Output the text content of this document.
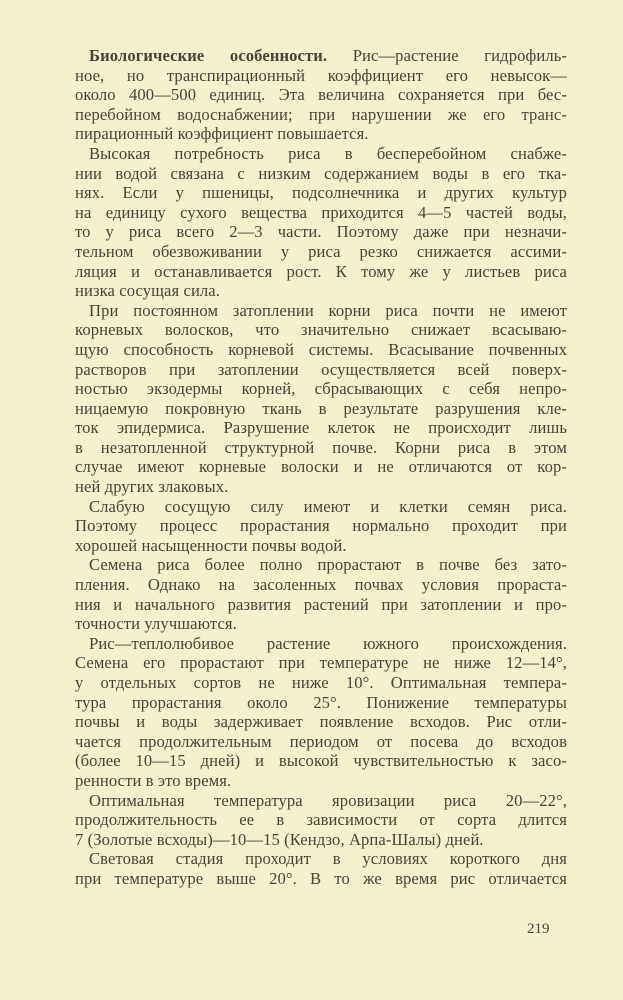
Биологические особенности. Рис—растение гидрофиль-
ное, но транспирационный коэффициент его невысок—
около 400—500 единиц. Эта величина сохраняется при бес-
перебойном водоснабжении; при нарушении же его транс-
пирационный коэффициент повышается.
Высокая потребность риса в бесперебойном снабже-
нии водой связана с низким содержанием воды в его тка-
нях. Если у пшеницы, подсолнечника и других культур
на единицу сухого вещества приходится 4—5 частей воды,
то у риса всего 2—3 части. Поэтому даже при незначи-
тельном обезвоживании у риса резко снижается ассими-
ляция и останавливается рост. К тому же у листьев риса
низка сосущая сила.
При постоянном затоплении корни риса почти не имеют
корневых волосков, что значительно снижает всасываю-
щую способность корневой системы. Всасывание почвенных
растворов при затоплении осуществляется всей поверх-
ностью экзодермы корней, сбрасывающих с себя непро-
ницаемую покровную ткань в результате разрушения кле-
ток эпидермиса. Разрушение клеток не происходит лишь
в незатопленной структурной почве. Корни риса в этом
случае имеют корневые волоски и не отличаются от кор-
ней других злаковых.
Слабую сосущую силу имеют и клетки семян риса.
Поэтому процесс прорастания нормально проходит при
хорошей насыщенности почвы водой.
Семена риса более полно прорастают в почве без зато-
пления. Однако на засоленных почвах условия прораста-
ния и начального развития растений при затоплении и про-
точности улучшаются.
Рис—теплолюбивое растение южного происхождения.
Семена его прорастают при температуре не ниже 12—14°,
у отдельных сортов не ниже 10°. Оптимальная темпера-
тура прорастания около 25°. Понижение температуры
почвы и воды задерживает появление всходов. Рис отли-
чается продолжительным периодом от посева до всходов
(более 10—15 дней) и высокой чувствительностью к засо-
ренности в это время.
Оптимальная температура яровизации риса 20—22°,
продолжительность ее в зависимости от сорта длится
7 (Золотые всходы)—10—15 (Кендзо, Арпа-Шалы) дней.
Световая стадия проходит в условиях короткого дня
при температуре выше 20°. В то же время рис отличается
219
